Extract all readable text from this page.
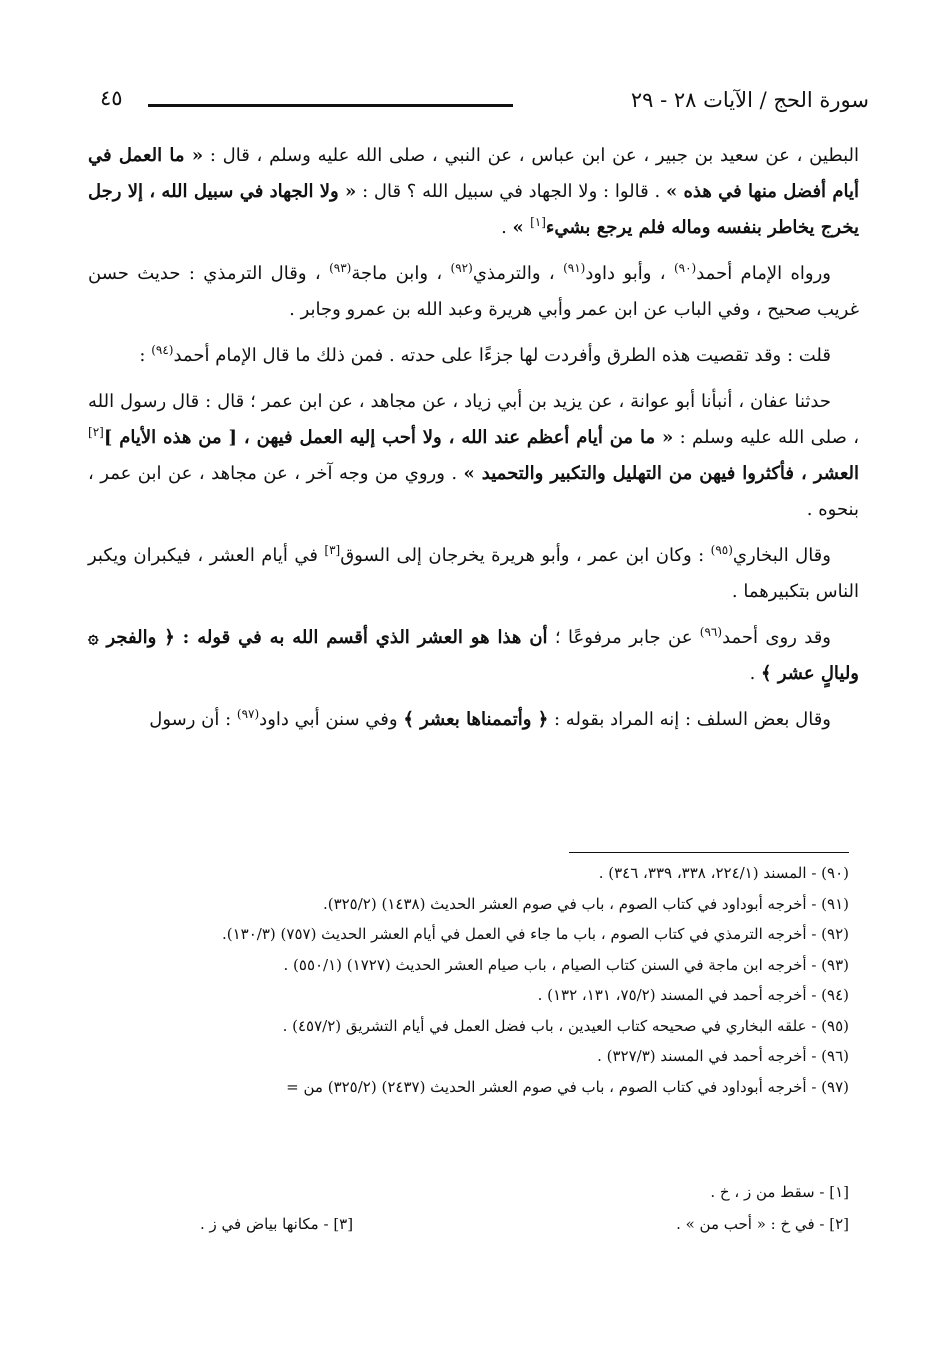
سورة الحج / الآيات ٢٨ - ٢٩
٤٥

البطين ، عن سعيد بن جبير ، عن ابن عباس ، عن النبي ، صلى الله عليه وسلم ، قال : « ما العمل في أيام أفضل منها في هذه » . قالوا : ولا الجهاد في سبيل الله ؟ قال : « ولا الجهاد في سبيل الله ، إلا رجل يخرج يخاطر بنفسه وماله فلم يرجع بشيء[١] » .

ورواه الإمام أحمد$^{(٩٠)}$ ، وأبو داود$^{(٩١)}$ ، والترمذي$^{(٩٢)}$ ، وابن ماجة$^{(٩٣)}$ ، وقال الترمذي : حديث حسن غريب صحيح ، وفي الباب عن ابن عمر وأبي هريرة وعبد الله بن عمرو وجابر .

قلت : وقد تقصيت هذه الطرق وأفردت لها جزءًا على حدته . فمن ذلك ما قال الإمام أحمد$^{(٩٤)}$ :

حدثنا عفان ، أنبأنا أبو عوانة ، عن يزيد بن أبي زياد ، عن مجاهد ، عن ابن عمر ؛ قال : قال رسول الله ، صلى الله عليه وسلم : « ما من أيام أعظم عند الله ، ولا أحب إليه العمل فيهن ، [ من هذه الأيام ][٢] العشر ، فأكثروا فيهن من التهليل والتكبير والتحميد » . وروي من وجه آخر ، عن مجاهد ، عن ابن عمر ، بنحوه .

وقال البخاري$^{(٩٥)}$ : وكان ابن عمر ، وأبو هريرة يخرجان إلى السوق[٣] في أيام العشر ، فيكبران ويكبر الناس بتكبيرهما .

وقد روى أحمد$^{(٩٦)}$ عن جابر مرفوعًا ؛ أن هذا هو العشر الذي أقسم الله به في قوله : ﴿ والفجر ۞ وليالٍ عشر ﴾ .

وقال بعض السلف : إنه المراد بقوله : ﴿ وأتممناها بعشر ﴾ وفي سنن أبي داود$^{(٩٧)}$ : أن رسول

(٩٠) - المسند (٢٢٤/١، ٣٣٨، ٣٣٩، ٣٤٦) .
(٩١) - أخرجه أبوداود في كتاب الصوم ، باب في صوم العشر الحديث (١٤٣٨) (٣٢٥/٢).
(٩٢) - أخرجه الترمذي في كتاب الصوم ، باب ما جاء في العمل في أيام العشر الحديث (٧٥٧) (١٣٠/٣).
(٩٣) - أخرجه ابن ماجة في السنن كتاب الصيام ، باب صيام العشر الحديث (١٧٢٧) (٥٥٠/١) .
(٩٤) - أخرجه أحمد في المسند (٧٥/٢، ١٣١، ١٣٢) .
(٩٥) - علقه البخاري في صحيحه كتاب العيدين ، باب فضل العمل في أيام التشريق (٤٥٧/٢) .
(٩٦) - أخرجه أحمد في المسند (٣٢٧/٣) .
(٩٧) - أخرجه أبوداود في كتاب الصوم ، باب في صوم العشر الحديث (٢٤٣٧) (٣٢٥/٢) من =
[١] - سقط من ز ، خ .
[٢] - في خ : « أحب من » .
[٣] - مكانها بياض في ز .
